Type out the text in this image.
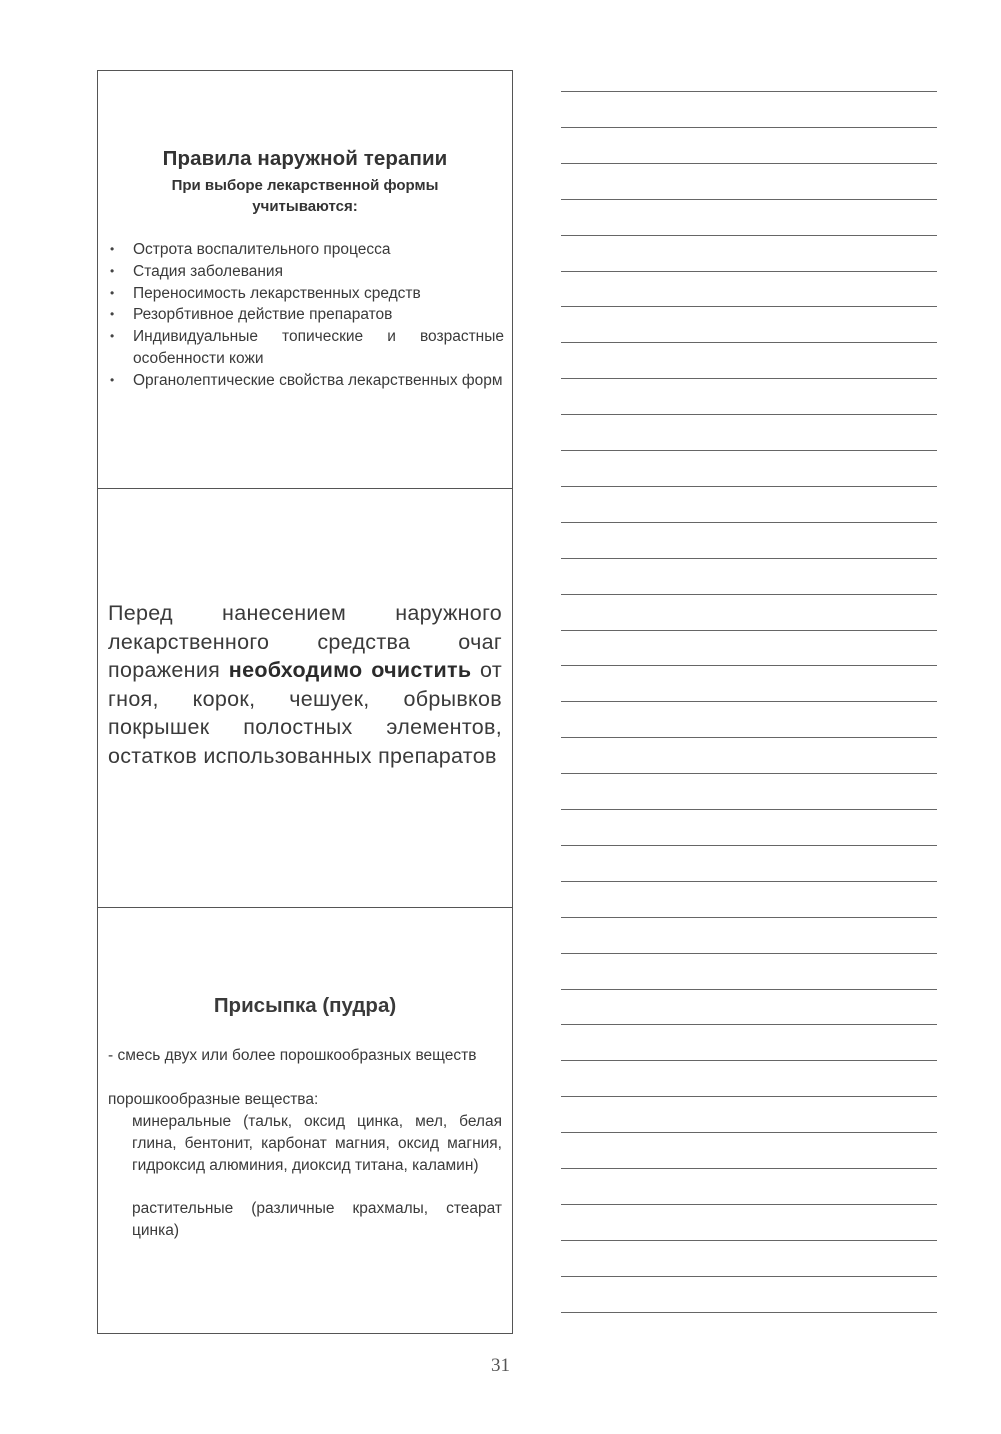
Правила наружной терапии
При выборе лекарственной формы учитываются:
• Острота воспалительного процесса
• Стадия заболевания
• Переносимость лекарственных средств
• Резорбтивное действие препаратов
• Индивидуальные топические и возрастные особенности кожи
• Органолептические свойства лекарственных форм
Перед нанесением наружного лекарственного средства очаг поражения необходимо очистить от гноя, корок, чешуек, обрывков покрышек полостных элементов, остатков использованных препаратов
Присыпка (пудра)
- смесь двух или более порошкообразных веществ
порошкообразные вещества:
минеральные (тальк, оксид цинка, мел, белая глина, бентонит, карбонат магния, оксид магния, гидроксид алюминия, диоксид титана, каламин)
растительные (различные крахмалы, стеарат цинка)
31
